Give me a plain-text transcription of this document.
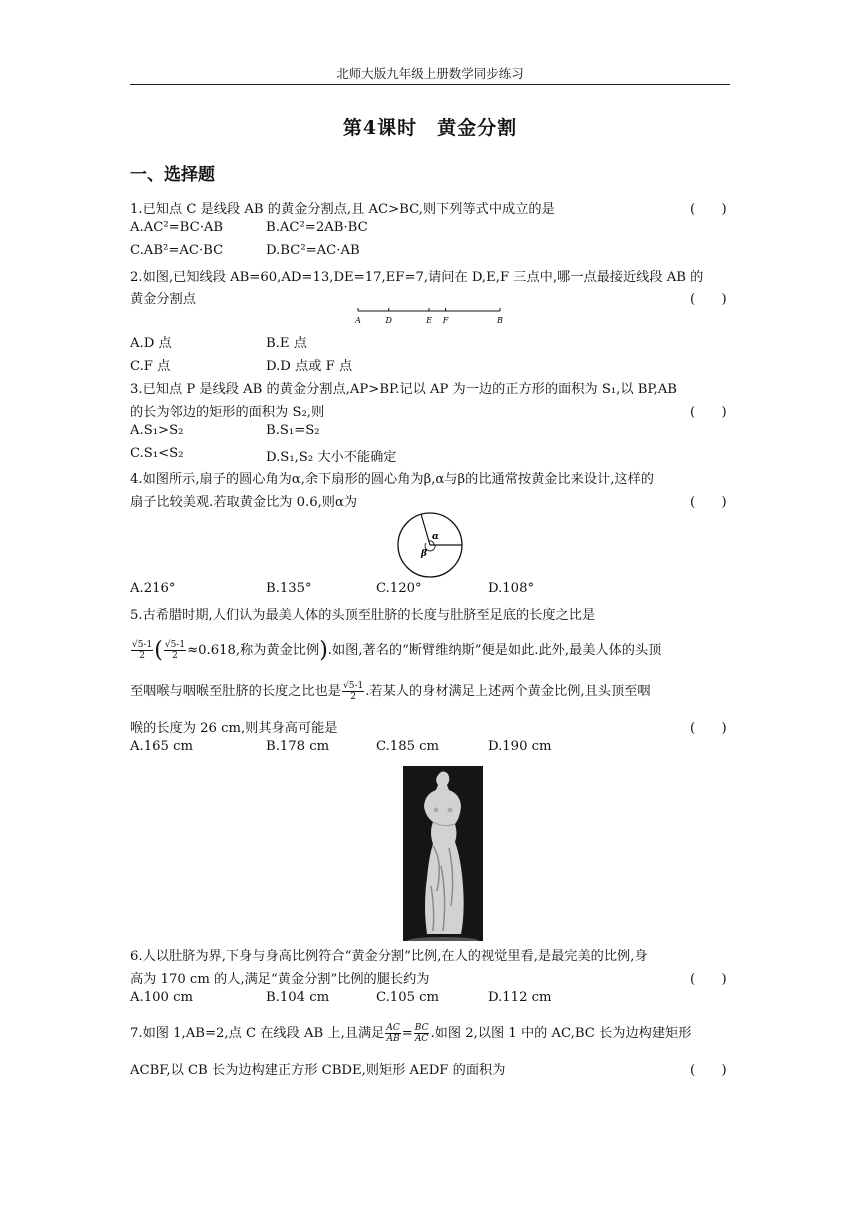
北师大版九年级上册数学同步练习
第4课时　黄金分割
一、选择题
1.已知点 C 是线段 AB 的黄金分割点,且 AC>BC,则下列等式中成立的是	(　　)
A.AC²=BC·AB	B.AC²=2AB·BC
C.AB²=AC·BC	D.BC²=AC·AB
2.如图,已知线段 AB=60,AD=13,DE=17,EF=7,请问在 D,E,F 三点中,哪一点最接近线段 AB 的
黄金分割点	(　　)
A	D	E F	B
A.D 点	B.E 点
C.F 点	D.D 点或 F 点
3.已知点 P 是线段 AB 的黄金分割点,AP>BP.记以 AP 为一边的正方形的面积为 S₁,以 BP,AB
的长为邻边的矩形的面积为 S₂,则	(　　)
A.S₁>S₂	B.S₁=S₂
C.S₁<S₂	D.S₁,S₂ 大小不能确定
4.如图所示,扇子的圆心角为α,余下扇形的圆心角为β,α与β的比通常按黄金比来设计,这样的
扇子比较美观.若取黄金比为 0.6,则α为	(　　)
α
β
A.216°	B.135°	C.120°	D.108°
5.古希腊时期,人们认为最美人体的头顶至肚脐的长度与肚脐至足底的长度之比是
$\frac{√5-1}{2}$ ( $\frac{√5-1}{2} \approx 0.618$,称为黄金比例).如图,著名的“断臂维纳斯”便是如此.此外,最美人体的头顶
至咽喉与咽喉至肚脐的长度之比也是 $\frac{√5-1}{2}$ .若某人的身材满足上述两个黄金比例,且头顶至咽
喉的长度为 26 cm,则其身高可能是	(　　)
A.165 cm	B.178 cm	C.185 cm	D.190 cm
6.人以肚脐为界,下身与身高比例符合“黄金分割”比例,在人的视觉里看,是最完美的比例,身
高为 170 cm 的人,满足“黄金分割”比例的腿长约为	(　　)
A.100 cm	B.104 cm	C.105 cm	D.112 cm
7.如图 1,AB=2,点 C 在线段 AB 上,且满足 $\frac{AC}{AB} = \frac{BC}{AC}$ .如图 2,以图 1 中的 AC,BC 长为边构建矩形
ACBF,以 CB 长为边构建正方形 CBDE,则矩形 AEDF 的面积为	(　　)
